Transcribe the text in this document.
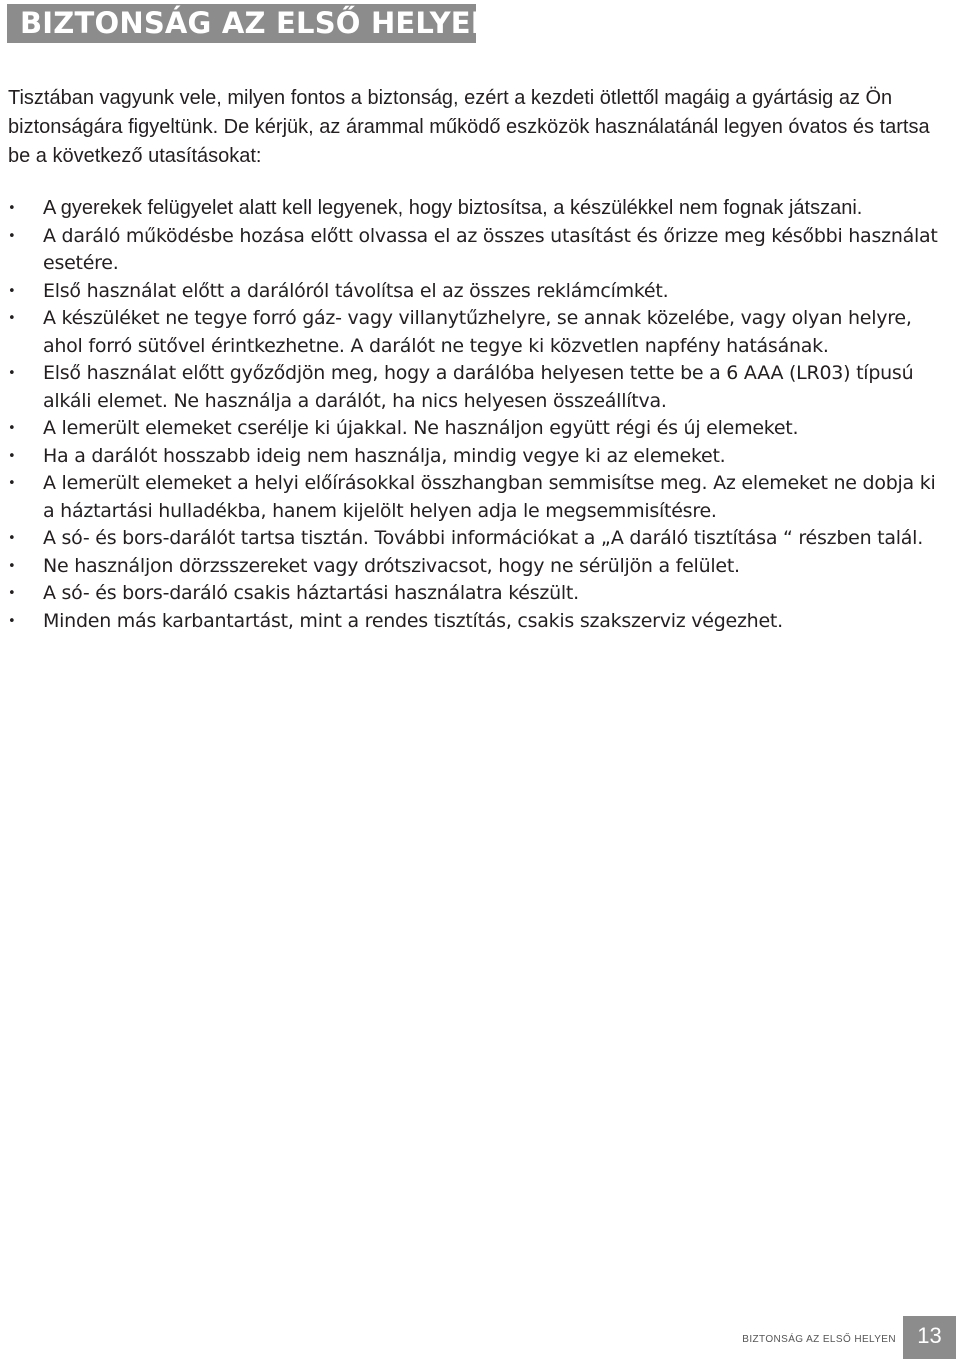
BIZTONSÁG AZ ELSŐ HELYEN

Tisztában vagyunk vele, milyen fontos a biztonság, ezért a kezdeti ötlettől magáig a gyártásig az Ön biztonságára figyeltünk. De kérjük, az árammal működő eszközök használatánál legyen óvatos és tartsa be a következő utasításokat:

• A gyerekek felügyelet alatt kell legyenek, hogy biztosítsa, a készülékkel nem fognak játszani.
• A daráló működésbe hozása előtt olvassa el az összes utasítást és őrizze meg későbbi használat esetére.
• Első használat előtt a darálóról távolítsa el az összes reklámcímkét.
• A készüléket ne tegye forró gáz- vagy villanytűzhelyre, se annak közelébe, vagy olyan helyre, ahol forró sütővel érintkezhetne. A darálót ne tegye ki közvetlen napfény hatásának.
• Első használat előtt győződjön meg, hogy a darálóba helyesen tette be a 6 AAA (LR03) típusú alkáli elemet. Ne használja a darálót, ha nics helyesen összeállítva.
• A lemerült elemeket cserélje ki újakkal. Ne használjon együtt régi és új elemeket.
• Ha a darálót hosszabb ideig nem használja, mindig vegye ki az elemeket.
• A lemerült elemeket a helyi előírásokkal összhangban semmisítse meg. Az elemeket ne dobja ki a háztartási hulladékba, hanem kijelölt helyen adja le megsemmisítésre.
• A só- és bors-darálót tartsa tisztán. További információkat a „A daráló tisztítása “ részben talál.
• Ne használjon dörzsszereket vagy drótszivacsot, hogy ne sérüljön a felület.
• A só- és bors-daráló csakis háztartási használatra készült.
• Minden más karbantartást, mint a rendes tisztítás, csakis szakszerviz végezhet.
BIZTONSÁG AZ ELSŐ HELYEN 13
